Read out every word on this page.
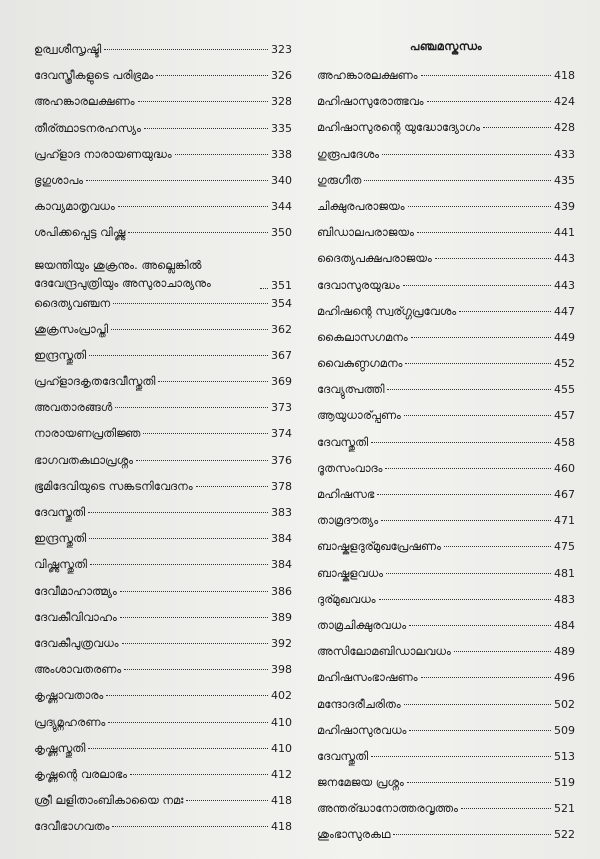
ഉര്വ്വശീസൃഷ്ടി	323
ദേവസ്ത്രീകളുടെ പരിഭ്രമം	326
അഹങ്കാരലക്ഷണം	328
തീര്ത്ഥാടനരഹസ്യം	335
പ്രഹ്ളാദ നാരായണയുദ്ധം	338
ഭൃഗുശാപം	340
കാവ്യമാതൃവധം	344
ശപിക്കപ്പെട്ട വിഷ്ണു	350
ജയന്തിയും ശുക്രനും. അല്ലെങ്കില്‍ ദേവേന്ദ്രപുത്രിയും അസുരാചാര്യനും	351
ദൈത്യവഞ്ചന	354
ശുക്രസംപ്രാപ്തി	362
ഇന്ദ്രസ്തുതി	367
പ്രഹ്ളാദകൃതദേവീസ്തുതി	369
അവതാരങ്ങള്‍	373
നാരായണപ്രതിജ്ഞ	374
ഭാഗവതകഥാപ്രശ്നം	376
ഭൂമിദേവിയുടെ സങ്കടനിവേദനം	378
ദേവസ്തുതി	383
ഇന്ദ്രസ്തുതി	384
വിഷ്ണുസ്തുതി	384
ദേവീമാഹാത്മ്യം	386
ദേവകീവിവാഹം	389
ദേവകീപുത്രവധം	392
അംശാവതരണം	398
കൃഷ്ണാവതാരം	402
പ്രദ്യുമ്നഹരണം	410
കൃഷ്ണസ്തുതി	410
കൃഷ്ണന്റെ വരലാഭം	412
ശ്രീ ലളിതാംബികായൈ നമഃ	418
ദേവീഭാഗവതം	418
പഞ്ചമസ്കന്ധം
അഹങ്കാരലക്ഷണം	418
മഹിഷാസുരോത്ഭവം	424
മഹിഷാസുരന്റെ യുദ്ധോദ്യോഗം	428
ഗുരൂപദേശം	433
ഗുരുഗീത	435
ചിക്ഷുരപരാജയം	439
ബിഡാലപരാജയം	441
ദൈത്യപക്ഷപരാജയം	443
ദേവാസുരയുദ്ധം	443
മഹിഷന്റെ സ്വര്ഗ്ഗപ്രവേശം	447
കൈലാസഗമനം	449
വൈകുണ്ഠഗമനം	452
ദേവ്യുത്പത്തി	455
ആയുധാര്പ്പണം	457
ദേവസ്തുതി	458
ദൂതസംവാദം	460
മഹിഷസഭ	467
താമ്രദൗത്യം	471
ബാഷ്കളദുര്മുഖപ്രേഷണം	475
ബാഷ്കളവധം	481
ദുര്മുഖവധം	483
താമ്രചിക്ഷുരവധം	484
അസിലോമബിഡാലവധം	489
മഹിഷസംഭാഷണം	496
മന്ദോദരീചരിതം	502
മഹിഷാസുരവധം	509
ദേവസ്തുതി	513
ജനമേജയ പ്രശ്നം	519
അന്തര്ദ്ധാനോത്തരവൃത്തം	521
ശുംഭാസുരകഥ	522
